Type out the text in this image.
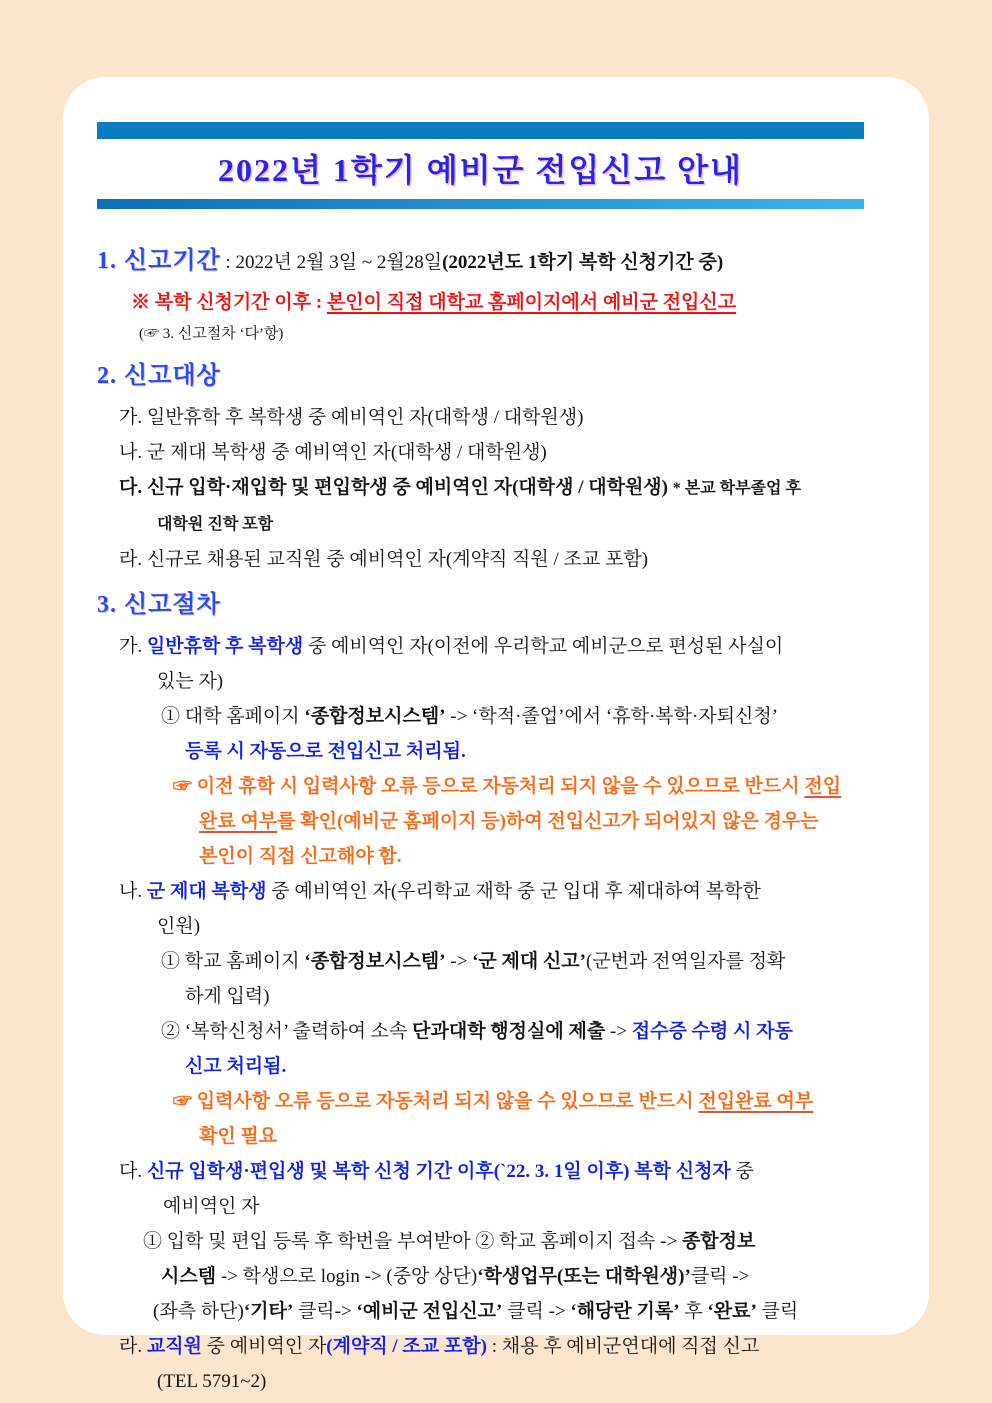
2022년 1학기 예비군 전입신고 안내
1. 신고기간 : 2022년 2월 3일 ~ 2월28일(2022년도 1학기 복학 신청기간 중)
※ 복학 신청기간 이후 : 본인이 직접 대학교 홈페이지에서 예비군 전입신고
(☞ 3. 신고절차 ‘다’항)
2. 신고대상
가. 일반휴학 후 복학생 중 예비역인 자(대학생 / 대학원생)
나. 군 제대 복학생 중 예비역인 자(대학생 / 대학원생)
다. 신규 입학·재입학 및 편입학생 중 예비역인 자(대학생 / 대학원생) * 본교 학부졸업 후
대학원 진학 포함
라. 신규로 채용된 교직원 중 예비역인 자(계약직 직원 / 조교 포함)
3. 신고절차
가. 일반휴학 후 복학생 중 예비역인 자(이전에 우리학교 예비군으로 편성된 사실이
있는 자)
① 대학 홈페이지 ‘종합정보시스템’ -> ‘학적·졸업’에서 ‘휴학·복학·자퇴신청’
등록 시 자동으로 전입신고 처리됨.
☞ 이전 휴학 시 입력사항 오류 등으로 자동처리 되지 않을 수 있으므로 반드시 전입
완료 여부를 확인(예비군 홈페이지 등)하여 전입신고가 되어있지 않은 경우는
본인이 직접 신고해야 함.
나. 군 제대 복학생 중 예비역인 자(우리학교 재학 중 군 입대 후 제대하여 복학한
인원)
① 학교 홈페이지 ‘종합정보시스템’ -> ‘군 제대 신고’(군번과 전역일자를 정확
하게 입력)
② ‘복학신청서’ 출력하여 소속 단과대학 행정실에 제출 -> 접수증 수령 시 자동
신고 처리됨.
☞ 입력사항 오류 등으로 자동처리 되지 않을 수 있으므로 반드시 전입완료 여부
확인 필요
다. 신규 입학생·편입생 및 복학 신청 기간 이후(`22. 3. 1일 이후) 복학 신청자 중
예비역인 자
① 입학 및 편입 등록 후 학번을 부여받아 ② 학교 홈페이지 접속 -> 종합정보
시스템 -> 학생으로 login -> (중앙 상단)‘학생업무(또는 대학원생)’클릭 ->
(좌측 하단)‘기타’ 클릭-> ‘예비군 전입신고’ 클릭 -> ‘해당란 기록’ 후 ‘완료’ 클릭
라. 교직원 중 예비역인 자(계약직 / 조교 포함) : 채용 후 예비군연대에 직접 신고
(TEL 5791~2)
